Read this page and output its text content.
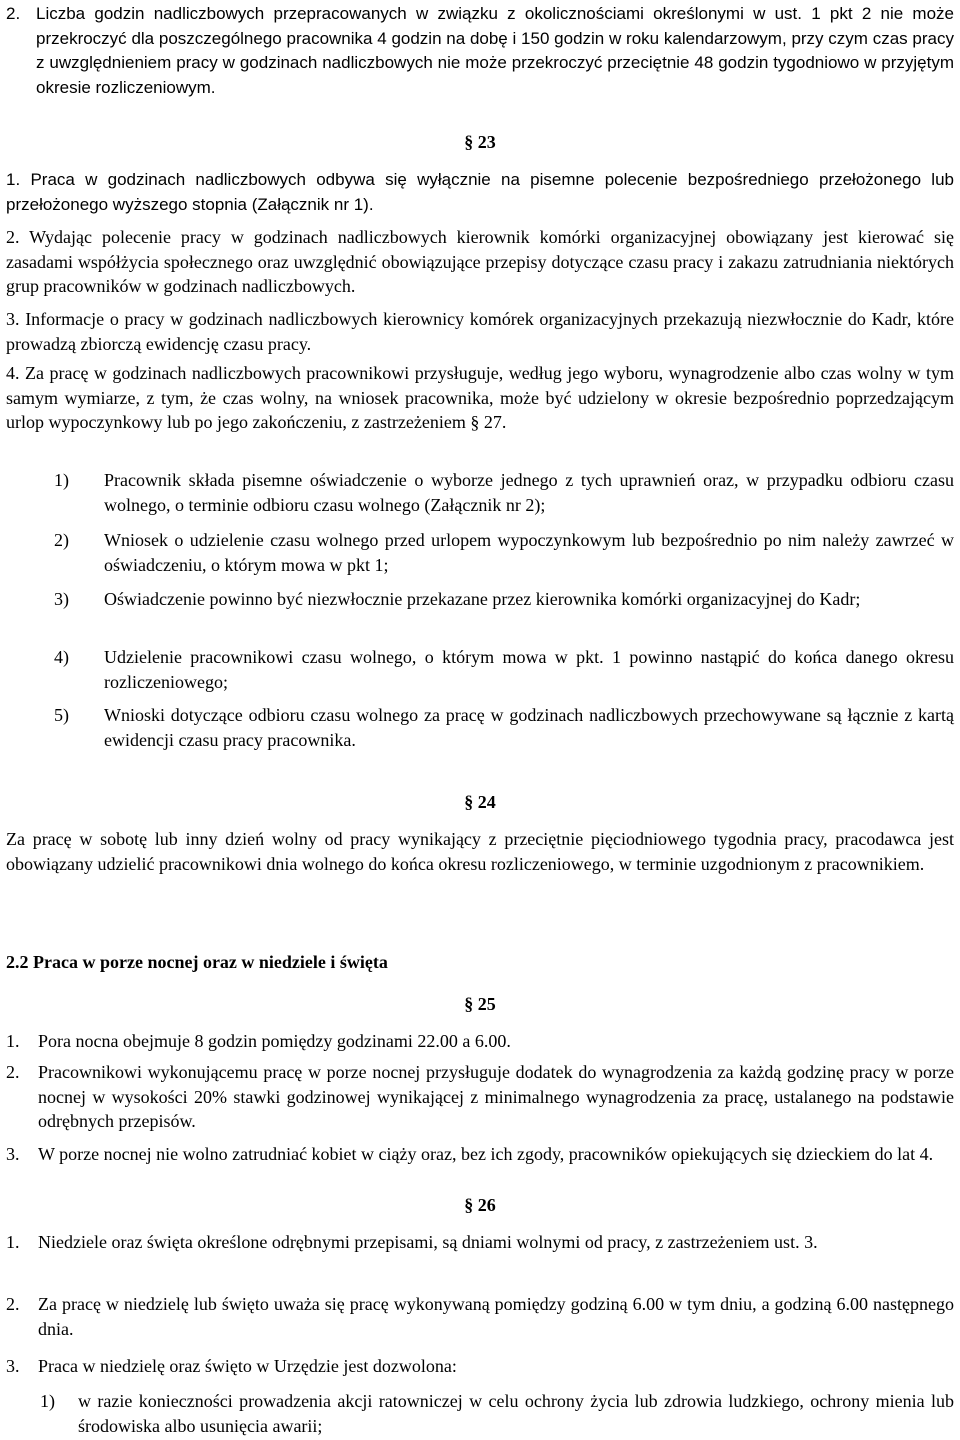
2. Liczba godzin nadliczbowych przepracowanych w związku z okolicznościami określonymi w ust. 1 pkt 2 nie może przekroczyć dla poszczególnego pracownika 4 godzin na dobę i 150 godzin w roku kalendarzowym, przy czym czas pracy z uwzględnieniem pracy w godzinach nadliczbowych nie może przekroczyć przeciętnie 48 godzin tygodniowo w przyjętym okresie rozliczeniowym.
§ 23
1. Praca w godzinach nadliczbowych odbywa się wyłącznie na pisemne polecenie bezpośredniego przełożonego lub przełożonego wyższego stopnia (Załącznik nr 1).
2. Wydając polecenie pracy w godzinach nadliczbowych kierownik komórki organizacyjnej obowiązany jest kierować się zasadami współżycia społecznego oraz uwzględnić obowiązujące przepisy dotyczące czasu pracy i zakazu zatrudniania niektórych grup pracowników w godzinach nadliczbowych.
3. Informacje o pracy w godzinach nadliczbowych kierownicy komórek organizacyjnych przekazują niezwłocznie do Kadr, które prowadzą zbiorczą ewidencję czasu pracy.
4. Za pracę w godzinach nadliczbowych pracownikowi przysługuje, według jego wyboru, wynagrodzenie albo czas wolny w tym samym wymiarze, z tym, że czas wolny, na wniosek pracownika, może być udzielony w okresie bezpośrednio poprzedzającym urlop wypoczynkowy lub po jego zakończeniu, z zastrzeżeniem § 27.
1)	Pracownik składa pisemne oświadczenie o wyborze jednego z tych uprawnień oraz, w przypadku odbioru czasu wolnego, o terminie odbioru czasu wolnego (Załącznik nr 2);
2)	Wniosek o udzielenie czasu wolnego przed urlopem wypoczynkowym lub bezpośrednio po nim należy zawrzeć w oświadczeniu, o którym mowa w pkt 1;
3)	Oświadczenie powinno być niezwłocznie przekazane przez kierownika komórki organizacyjnej do Kadr;
4)	Udzielenie pracownikowi czasu wolnego, o którym mowa w pkt. 1 powinno nastąpić do końca danego okresu rozliczeniowego;
5)	Wnioski dotyczące odbioru czasu wolnego za pracę w godzinach nadliczbowych przechowywane są łącznie z kartą ewidencji czasu pracy pracownika.
§ 24
Za pracę w sobotę lub inny dzień wolny od pracy wynikający z przeciętnie pięciodniowego tygodnia pracy, pracodawca jest obowiązany udzielić pracownikowi dnia wolnego do końca okresu rozliczeniowego, w terminie uzgodnionym z pracownikiem.
2.2 Praca w porze nocnej oraz w niedziele i święta
§ 25
1.	Pora nocna obejmuje 8 godzin pomiędzy godzinami 22.00 a 6.00.
2.	Pracownikowi wykonującemu pracę w porze nocnej przysługuje dodatek do wynagrodzenia za każdą godzinę pracy w porze nocnej w wysokości 20% stawki godzinowej wynikającej z minimalnego wynagrodzenia za pracę, ustalanego na podstawie odrębnych przepisów.
3.	W porze nocnej nie wolno zatrudniać kobiet w ciąży oraz, bez ich zgody, pracowników opiekujących się dzieckiem do lat 4.
§ 26
1.	Niedziele oraz święta określone odrębnymi przepisami, są dniami wolnymi od pracy, z zastrzeżeniem ust. 3.
2.	Za pracę w niedzielę lub święto uważa się pracę wykonywaną pomiędzy godziną 6.00 w tym dniu, a godziną 6.00 następnego dnia.
3.	Praca w niedzielę oraz święto w Urzędzie jest dozwolona:
1)	w razie konieczności prowadzenia akcji ratowniczej w celu ochrony życia lub zdrowia ludzkiego, ochrony mienia lub środowiska albo usunięcia awarii;
